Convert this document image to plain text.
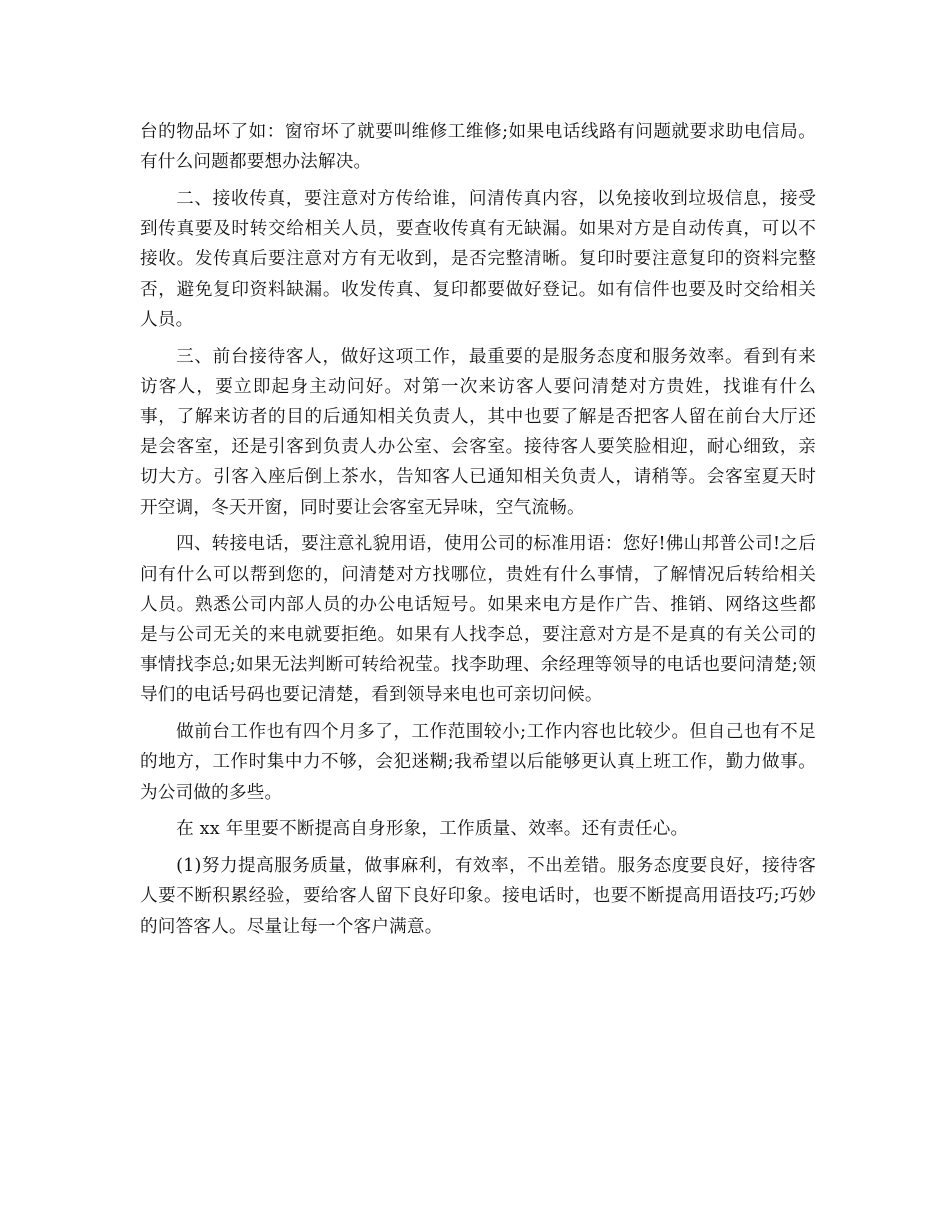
台的物品坏了如：窗帘坏了就要叫维修工维修;如果电话线路有问题就要求助电信局。有什么问题都要想办法解决。

二、接收传真，要注意对方传给谁，问清传真内容，以免接收到垃圾信息，接受到传真要及时转交给相关人员，要查收传真有无缺漏。如果对方是自动传真，可以不接收。发传真后要注意对方有无收到，是否完整清晰。复印时要注意复印的资料完整否，避免复印资料缺漏。收发传真、复印都要做好登记。如有信件也要及时交给相关人员。

三、前台接待客人，做好这项工作，最重要的是服务态度和服务效率。看到有来访客人，要立即起身主动问好。对第一次来访客人要问清楚对方贵姓，找谁有什么事，了解来访者的目的后通知相关负责人，其中也要了解是否把客人留在前台大厅还是会客室，还是引客到负责人办公室、会客室。接待客人要笑脸相迎，耐心细致，亲切大方。引客入座后倒上茶水，告知客人已通知相关负责人，请稍等。会客室夏天时开空调，冬天开窗，同时要让会客室无异味，空气流畅。

四、转接电话，要注意礼貌用语，使用公司的标准用语：您好!佛山邦普公司!之后问有什么可以帮到您的，问清楚对方找哪位，贵姓有什么事情，了解情况后转给相关人员。熟悉公司内部人员的办公电话短号。如果来电方是作广告、推销、网络这些都是与公司无关的来电就要拒绝。如果有人找李总，要注意对方是不是真的有关公司的事情找李总;如果无法判断可转给祝莹。找李助理、余经理等领导的电话也要问清楚;领导们的电话号码也要记清楚，看到领导来电也可亲切问候。

做前台工作也有四个月多了，工作范围较小;工作内容也比较少。但自己也有不足的地方，工作时集中力不够，会犯迷糊;我希望以后能够更认真上班工作，勤力做事。为公司做的多些。

在 xx 年里要不断提高自身形象，工作质量、效率。还有责任心。

(1)努力提高服务质量，做事麻利，有效率，不出差错。服务态度要良好，接待客人要不断积累经验，要给客人留下良好印象。接电话时，也要不断提高用语技巧;巧妙的问答客人。尽量让每一个客户满意。
